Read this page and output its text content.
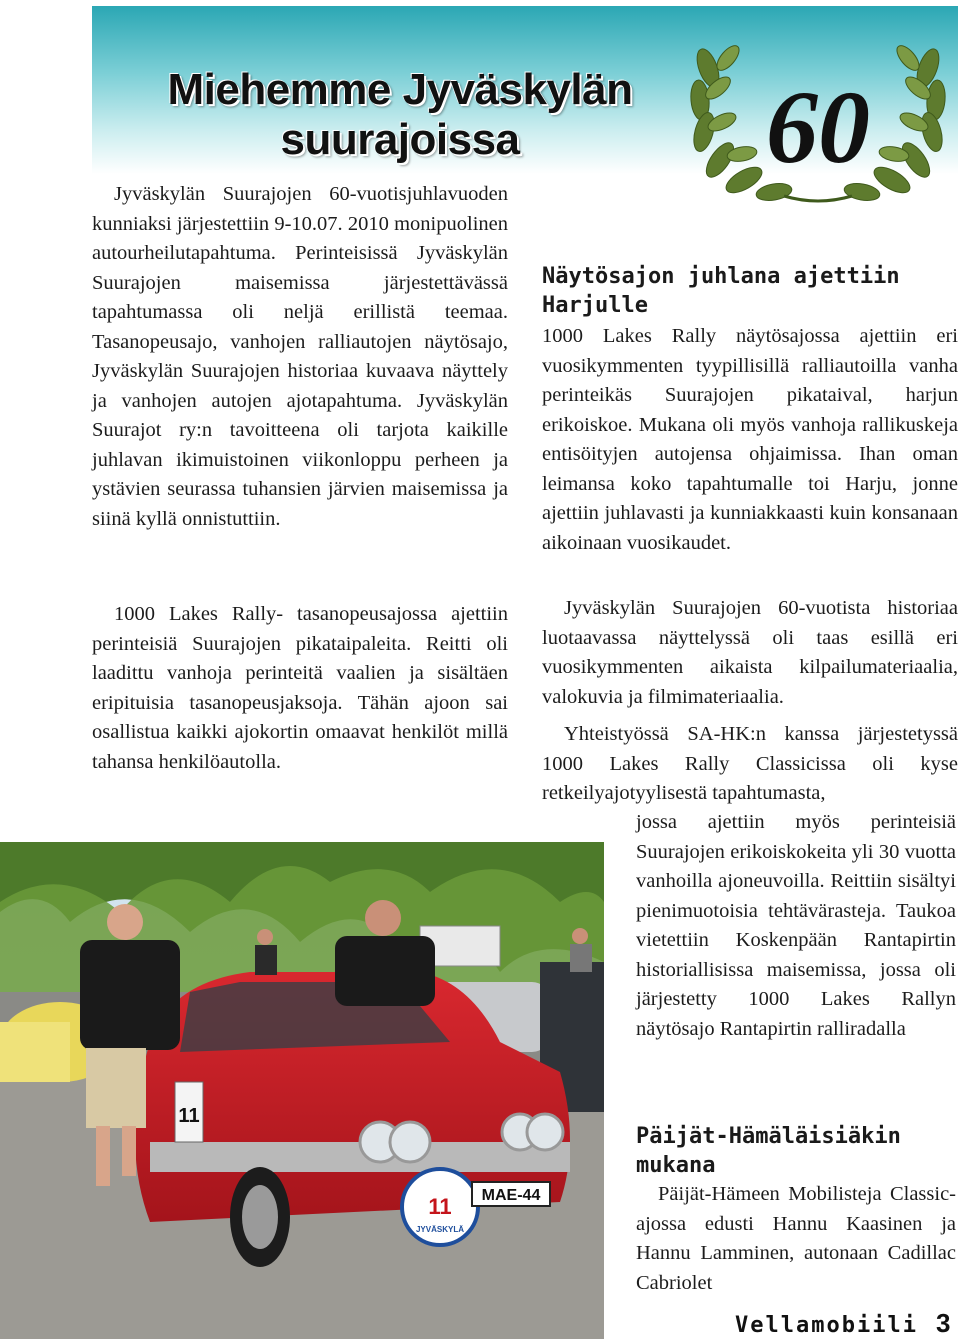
Miehemme Jyväskylän
suurajoissa	60

Jyväskylän Suurajojen 60-vuotisjuhlavuoden kunniaksi järjestettiin 9-10.07. 2010 monipuolinen autourheilutapahtuma. Perinteisissä Jyväskylän Suurajojen maisemissa järjestettävässä tapahtumassa oli neljä erillistä teemaa. Tasanopeusajo, vanhojen ralliautojen näytösajo, Jyväskylän Suurajojen historiaa kuvaava näyttely ja vanhojen autojen ajotapahtuma. Jyväskylän Suurajot ry:n tavoitteena oli tarjota kaikille juhlavan ikimuistoinen viikonloppu perheen ja ystävien seurassa tuhansien järvien maisemissa ja siinä kyllä onnistuttiin.

1000 Lakes Rally- tasanopeusajossa ajettiin perinteisiä Suurajojen pikataipaleita. Reitti oli laadittu vanhoja perinteitä vaalien ja sisältäen eripituisia tasanopeusjaksoja. Tähän ajoon sai osallistua kaikki ajokortin omaavat henkilöt millä tahansa henkilöautolla.

Näytösajon juhlana ajettiin Harjulle

1000 Lakes Rally näytösajossa ajettiin eri vuosikymmenten tyypillisillä ralliautoilla vanha perinteikäs Suurajojen pikataival, harjun erikoiskoe. Mukana oli myös vanhoja rallikuskeja entisöityjen autojensa ohjaimissa. Ihan oman leimansa koko tapahtumalle toi Harju, jonne ajettiin juhlavasti ja kunniakkaasti kuin konsanaan aikoinaan vuosikaudet.

Jyväskylän Suurajojen 60-vuotista historiaa luotaavassa näyttelyssä oli taas esillä eri vuosikymmenten aikaista kilpailumateriaalia, valokuvia ja filmimateriaalia.

Yhteistyössä SA-HK:n kanssa järjestetyssä 1000 Lakes Rally Classicissa oli kyse retkeilyajotyylisestä tapahtumasta,

jossa ajettiin myös perinteisiä Suurajojen erikoiskokeita yli 30 vuotta vanhoilla ajoneuvoilla. Reittiin sisältyi pienimuotoisia tehtävärasteja. Taukoa vietettiin Koskenpään Rantapirtin historiallisissa maisemissa, jossa oli järjestetty 1000 Lakes Rallyn näytösajo Rantapirtin ralliradalla

Päijät-Hämäläisiäkin mukana

Päijät-Hämeen Mobilisteja Classic-ajossa edusti Hannu Kaasinen ja Hannu Lamminen, autonaan Cadillac Cabriolet

11
11
JYVÄSKYLÄ
MAE-44
Vellamobiili 3
